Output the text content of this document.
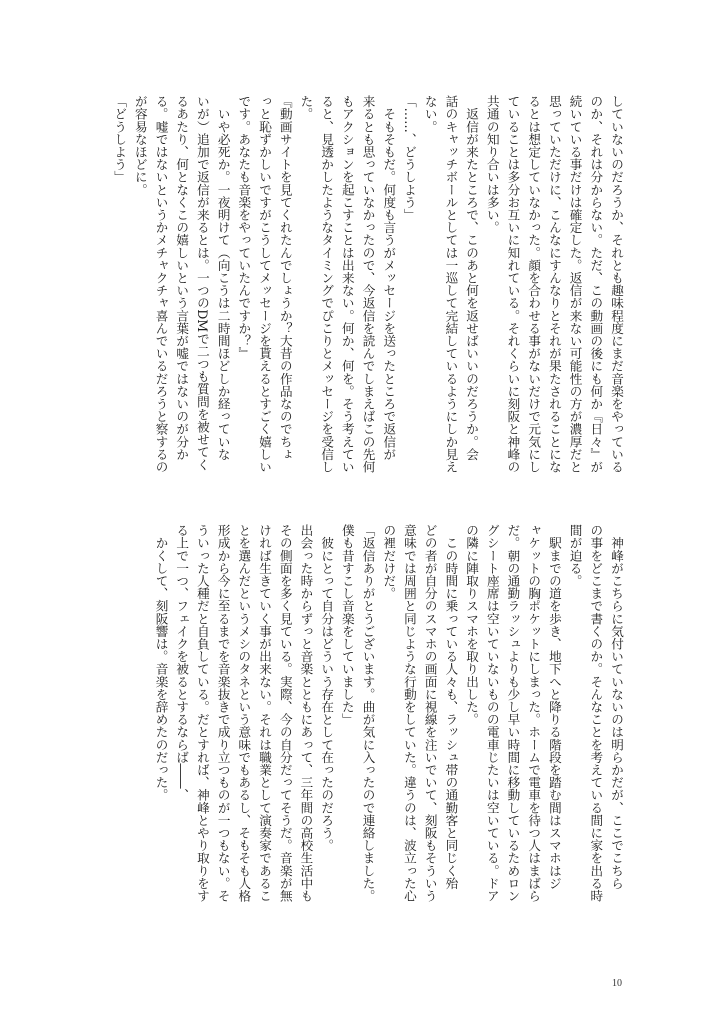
していないのだろうか、それとも趣味程度にまだ音楽をやっている
のか、それは分からない。ただ、この動画の後にも何か『日々』が
続いている事だけは確定した。返信が来ない可能性の方が濃厚だと
思っていただけに、こんなにすんなりとそれが果たされることにな
るとは想定していなかった。顔を合わせる事がないだけで元気にし
ていることは多分お互いに知れている。それくらいに刻阪と神峰の
共通の知り合いは多い。
　返信が来たところで、このあと何を返せばいいのだろうか。会
話のキャッチボールとしては一巡して完結しているようにしか見え
ない。
「……、どうしよう」
　そもそもだ。何度も言うがメッセージを送ったところで返信が
来るとも思っていなかったので、今返信を読んでしまえばこの先何
もアクションを起こすことは出来ない。何か、何を。そう考えてい
ると、見透かしたようなタイミングでぴこりとメッセージを受信し
た。
『動画サイトを見てくれたんでしょうか？大昔の作品なのでちょ
っと恥ずかしいですがこうしてメッセージを貰えるとすごく嬉しい
です。あなたも音楽をやっていたんですか？』
　いや必死か。一夜明けて（向こうは二時間ほどしか経っていな
いが）追加で返信が来るとは。一つのDMで二つも質問を被せてく
るあたり、何となくこの嬉しいという言葉が嘘ではないのが分か
る。嘘ではないというかメチャクチャ喜んでいるだろうと察するの
が容易なほどに。
「どうしよう」
　神峰がこちらに気付いていないのは明らかだが、ここでこちら
の事をどこまで書くのか。そんなことを考えている間に家を出る時
間が迫る。
　駅までの道を歩き、地下へと降りる階段を踏む間はスマホはジ
ャケットの胸ポケットにしまった。ホームで電車を待つ人はまばら
だ。朝の通勤ラッシュよりも少し早い時間に移動しているためロン
グシート座席は空いていないものの電車じたいは空いている。ドア
の隣に陣取りスマホを取り出した。
　この時間に乗っている人々も、ラッシュ帯の通勤客と同じく殆
どの者が自分のスマホの画面に視線を注いでいて、刻阪もそういう
意味では周囲と同じような行動をしていた。違うのは、波立った心
の裡だけだ。
「返信ありがとうございます。曲が気に入ったので連絡しました。
僕も昔すこし音楽をしていました」
　彼にとって自分はどういう存在として在ったのだろう。
出会った時からずっと音楽とともにあって、三年間の高校生活中も
その側面を多く見ている。実際、今の自分だってそうだ。音楽が無
ければ生きていく事が出来ない。それは職業として演奏家であるこ
とを選んだというメシのタネという意味でもあるし、そもそも人格
形成から今に至るまでを音楽抜きで成り立つものが一つもない。そ
ういった人種だと自負している。だとすれば、神峰とやり取りをす
る上で一つ、フェイクを被るとするならば――、
　かくして、刻阪響は。音楽を辞めたのだった。
10
